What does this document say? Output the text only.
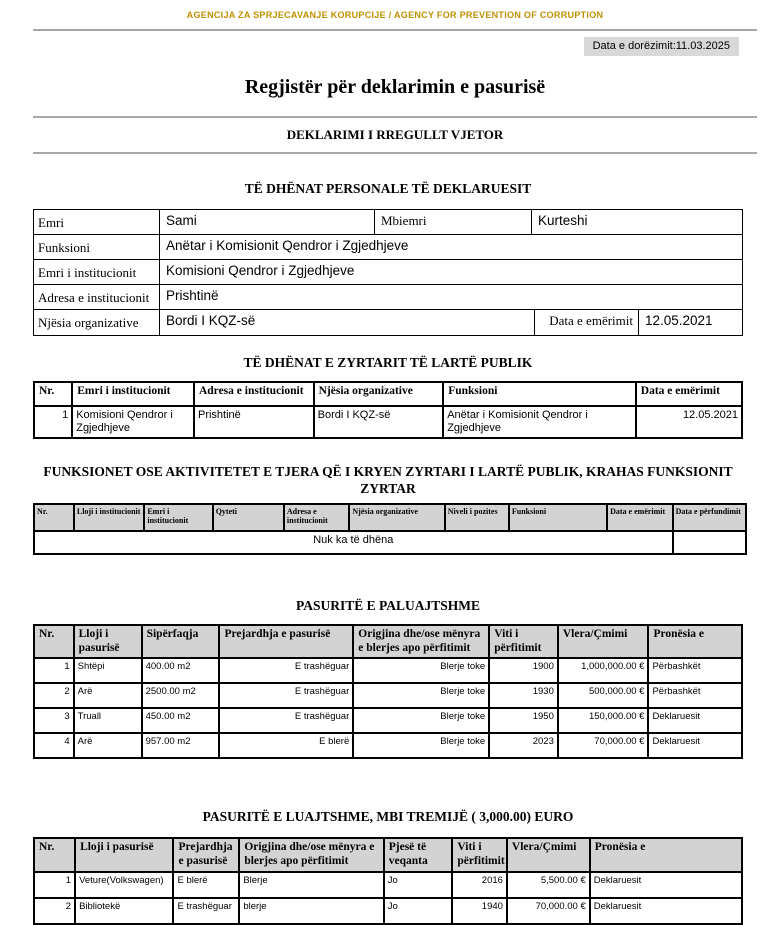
AGENCIJA ZA SPRJECAVANJE KORUPCIJE / AGENCY FOR PREVENTION OF CORRUPTION
Data e dorëzimit:11.03.2025
Regjistër për deklarimin e pasurisë
DEKLARIMI I RREGULLT VJETOR
TË DHËNAT PERSONALE TË DEKLARUESIT
Emri	Sami	Mbiemri	Kurteshi
Funksioni	Anëtar i Komisionit Qendror i Zgjedhjeve
Emri i institucionit	Komisioni Qendror i Zgjedhjeve
Adresa e institucionit	Prishtinë
Njësia organizative	Bordi I KQZ-së	Data e emërimit 12.05.2021
TË DHËNAT E ZYRTARIT TË LARTË PUBLIK
Nr.	Emri i institucionit	Adresa e institucionit	Njësia organizative	Funksioni	Data e emërimit
1	Komisioni Qendror i Zgjedhjeve	Prishtinë	Bordi I KQZ-së	Anëtar i Komisionit Qendror i Zgjedhjeve	12.05.2021
FUNKSIONET OSE AKTIVITETET E TJERA QË I KRYEN ZYRTARI I LARTË PUBLIK, KRAHAS FUNKSIONIT
ZYRTAR
Nr.	Lloji i institucionit	Emri i institucionit	Qyteti	Adresa e institucionit	Njësia organizative	Niveli i pozites	Funksioni	Data e emërimit	Data e përfundimit
Nuk ka të dhëna									
PASURITË E PALUAJTSHME
Nr.	Lloji i pasurisë	Sipërfaqja	Prejardhja e pasurisë	Origjina dhe/ose mënyra e blerjes apo përfitimit	Viti i përfitimit	Vlera/Çmimi	Pronësia e
1	Shtëpi	400.00 m2	E trashëguar	Blerje toke	1900	1,000,000.00 €	Përbashkët
2	Arë	2500.00 m2	E trashëguar	Blerje toke	1930	500,000.00 €	Përbashkët
3	Truall	450.00 m2	E trashëguar	Blerje toke	1950	150,000.00 €	Deklaruesit
4	Arë	957.00 m2	E blerë	Blerje toke	2023	70,000.00 €	Deklaruesit
PASURITË E LUAJTSHME, MBI TREMIJË ( 3,000.00) EURO
Nr.	Lloji i pasurisë	Prejardhja e pasurisë	Origjina dhe/ose mënyra e blerjes apo përfitimit	Pjesë të veqanta	Viti i përfitimit	Vlera/Çmimi	Pronësia e
1	Veture(Volkswagen)	E blerë	Blerje	Jo	2016	5,500.00 €	Deklaruesit
2	Bibliotekë	E trashëguar	blerje	Jo	1940	70,000.00 €	Deklaruesit
